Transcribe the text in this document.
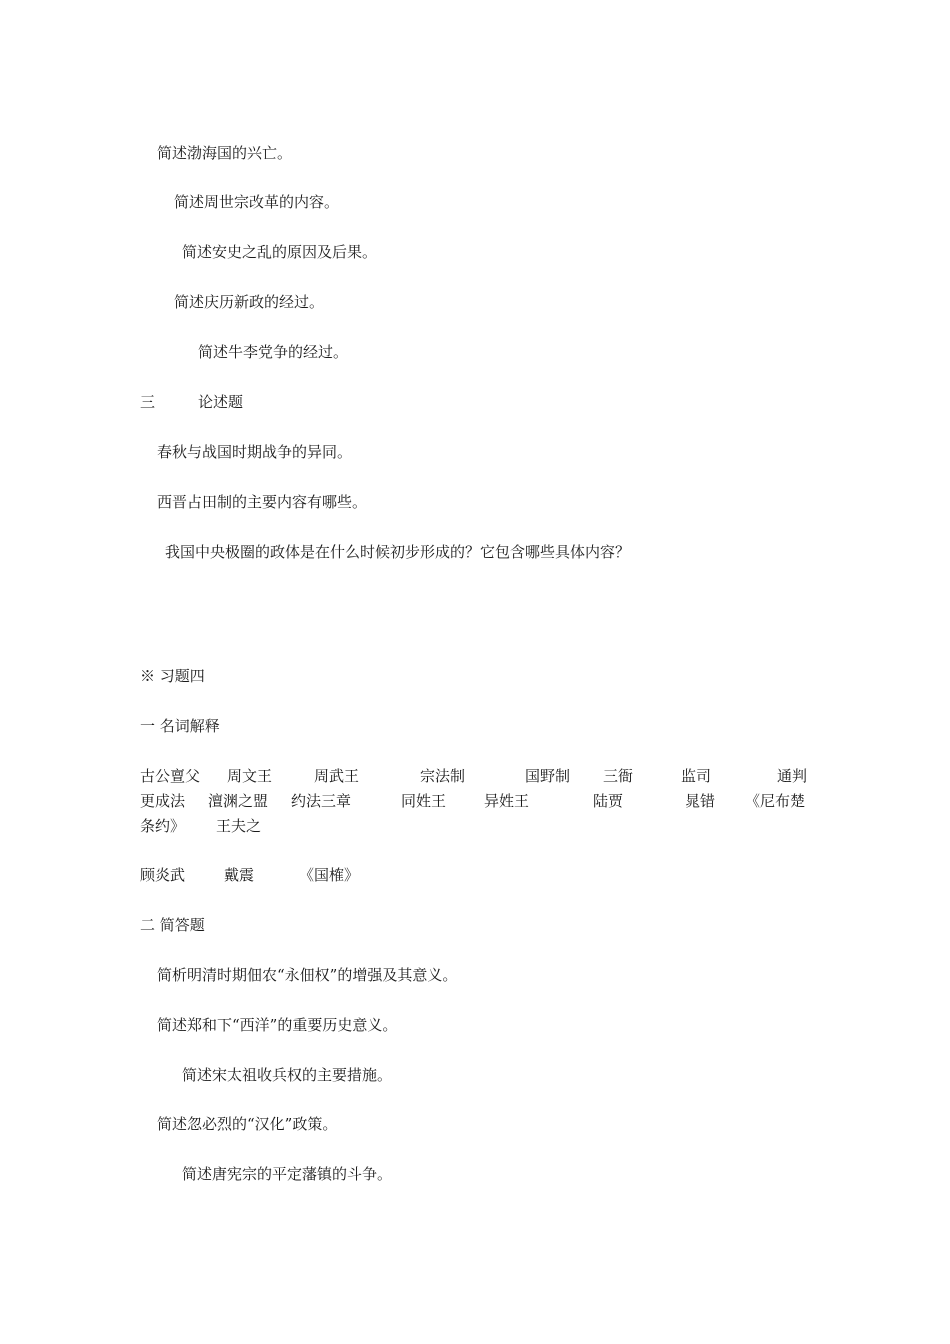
简述渤海国的兴亡。
简述周世宗改革的内容。
简述安史之乱的原因及后果。
简述庆历新政的经过。
简述牛李党争的经过。
三	论述题
春秋与战国时期战争的异同。
西晋占田制的主要内容有哪些。
我国中央极圈的政体是在什么时候初步形成的？它包含哪些具体内容？
※ 习题四
一 名词解释
古公亶父 周文王	周武王	宗法制	国野制 三衙	监司	通判
更成法 澶渊之盟 约法三章	同姓王	异姓王	陆贾	晁错 《尼布楚
条约》 王夫之
顾炎武	戴震	《国榷》
二 简答题
简析明清时期佃农“永佃权”的增强及其意义。
简述郑和下“西洋”的重要历史意义。
简述宋太祖收兵权的主要措施。
简述忽必烈的“汉化”政策。
简述唐宪宗的平定藩镇的斗争。
